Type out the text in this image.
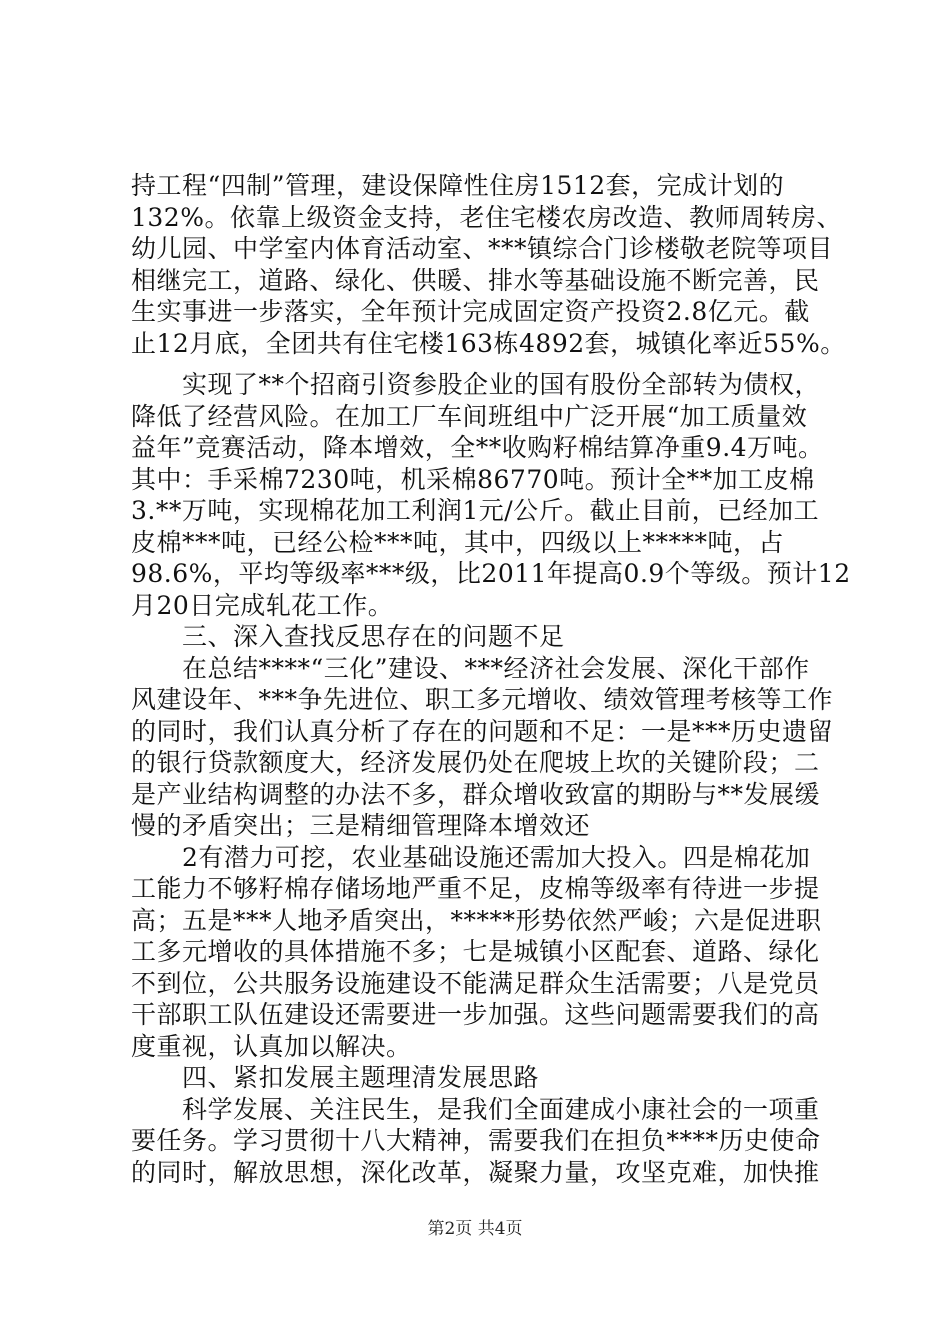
持工程“四制”管理，建设保障性住房1512套，完成计划的
132%。依靠上级资金支持，老住宅楼农房改造、教师周转房、
幼儿园、中学室内体育活动室、***镇综合门诊楼敬老院等项目
相继完工，道路、绿化、供暖、排水等基础设施不断完善，民
生实事进一步落实，全年预计完成固定资产投资2.8亿元。截
止12月底，全团共有住宅楼163栋4892套，城镇化率近55%。
　　实现了**个招商引资参股企业的国有股份全部转为债权，
降低了经营风险。在加工厂车间班组中广泛开展“加工质量效
益年”竞赛活动，降本增效，全**收购籽棉结算净重9.4万吨。
其中：手采棉7230吨，机采棉86770吨。预计全**加工皮棉
3.**万吨，实现棉花加工利润1元/公斤。截止目前，已经加工
皮棉***吨，已经公检***吨，其中，四级以上*****吨，占
98.6%，平均等级率***级，比2011年提高0.9个等级。预计12
月20日完成轧花工作。
　　三、深入查找反思存在的问题不足
　　在总结****“三化”建设、***经济社会发展、深化干部作
风建设年、***争先进位、职工多元增收、绩效管理考核等工作
的同时，我们认真分析了存在的问题和不足：一是***历史遗留
的银行贷款额度大，经济发展仍处在爬坡上坎的关键阶段；二
是产业结构调整的办法不多，群众增收致富的期盼与**发展缓
慢的矛盾突出；三是精细管理降本增效还
　　2有潜力可挖，农业基础设施还需加大投入。四是棉花加
工能力不够籽棉存储场地严重不足，皮棉等级率有待进一步提
高；五是***人地矛盾突出，*****形势依然严峻；六是促进职
工多元增收的具体措施不多；七是城镇小区配套、道路、绿化
不到位，公共服务设施建设不能满足群众生活需要；八是党员
干部职工队伍建设还需要进一步加强。这些问题需要我们的高
度重视，认真加以解决。
　　四、紧扣发展主题理清发展思路
　　科学发展、关注民生，是我们全面建成小康社会的一项重
要任务。学习贯彻十八大精神，需要我们在担负****历史使命
的同时，解放思想，深化改革，凝聚力量，攻坚克难，加快推
第2页 共4页
